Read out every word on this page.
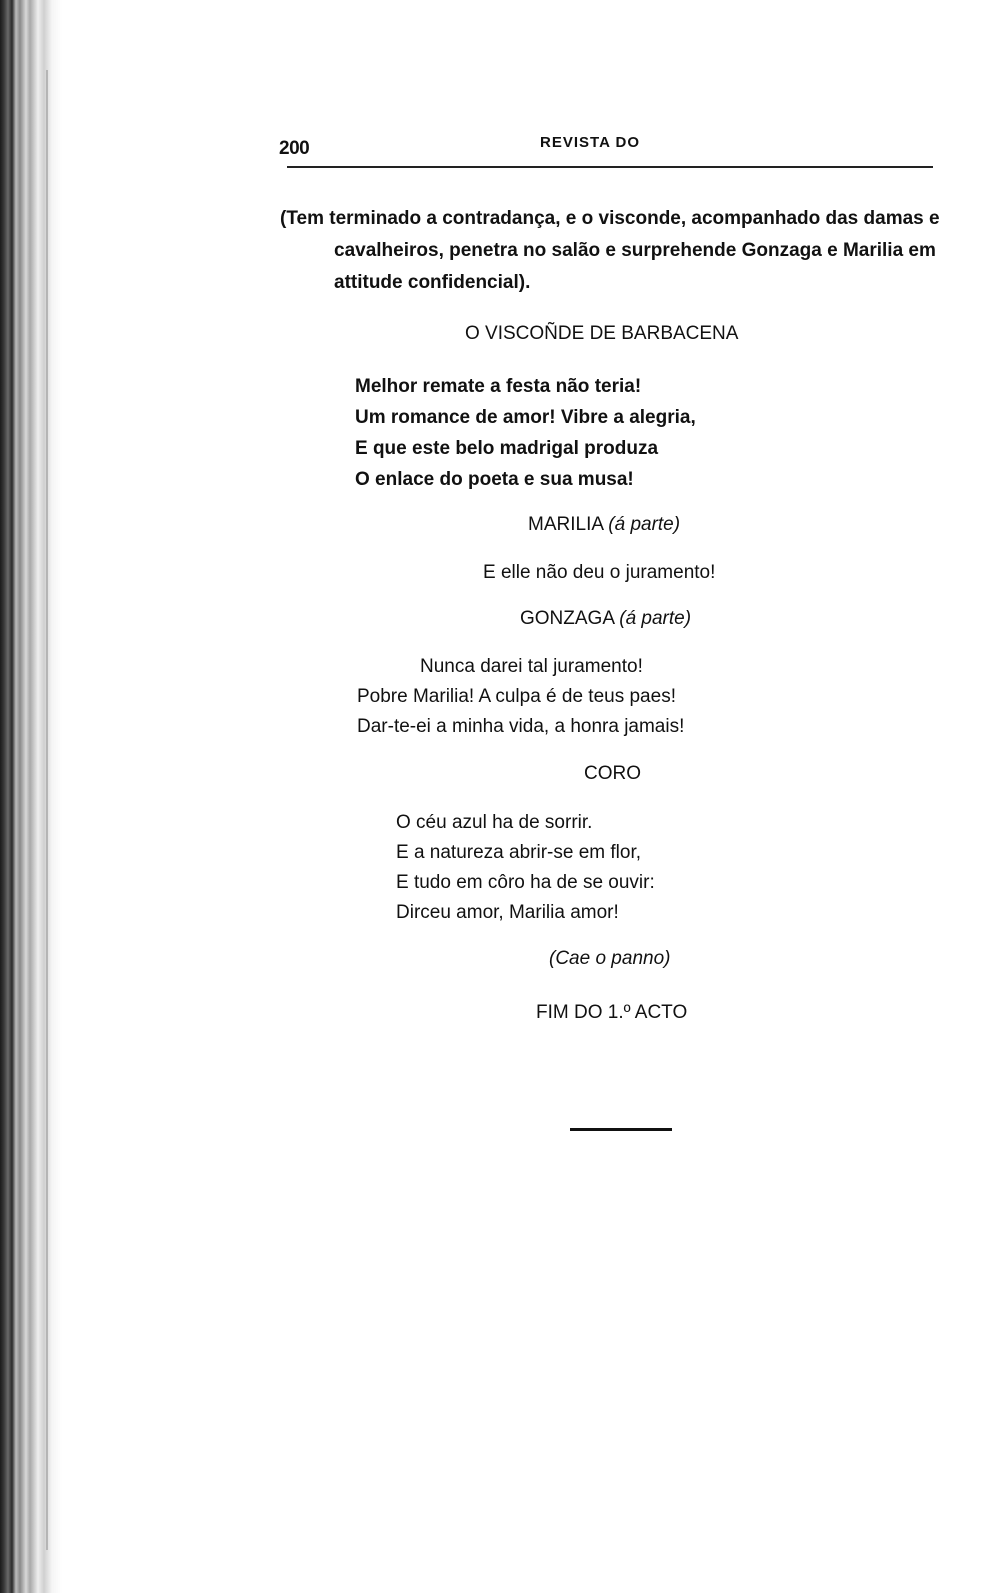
200	REVISTA DO
(Tem terminado a contradança, e o visconde, acompanhado das damas e
cavalheiros, penetra no salão e surprehende Gonzaga e Marilia em
attitude confidencial).
O VISCOÑDE DE BARBACENA
Melhor remate a festa não teria!
Um romance de amor! Vibre a alegria,
E que este belo madrigal produza
O enlace do poeta e sua musa!
MARILIA (á parte)
E elle não deu o juramento!
GONZAGA (á parte)
Nunca darei tal juramento!
Pobre Marilia! A culpa é de teus paes!
Dar-te-ei a minha vida, a honra jamais!
CORO
O céu azul ha de sorrir.
E a natureza abrir-se em flor,
E tudo em côro ha de se ouvir:
Dirceu amor, Marilia amor!
(Cae o panno)
FIM DO 1.º ACTO
